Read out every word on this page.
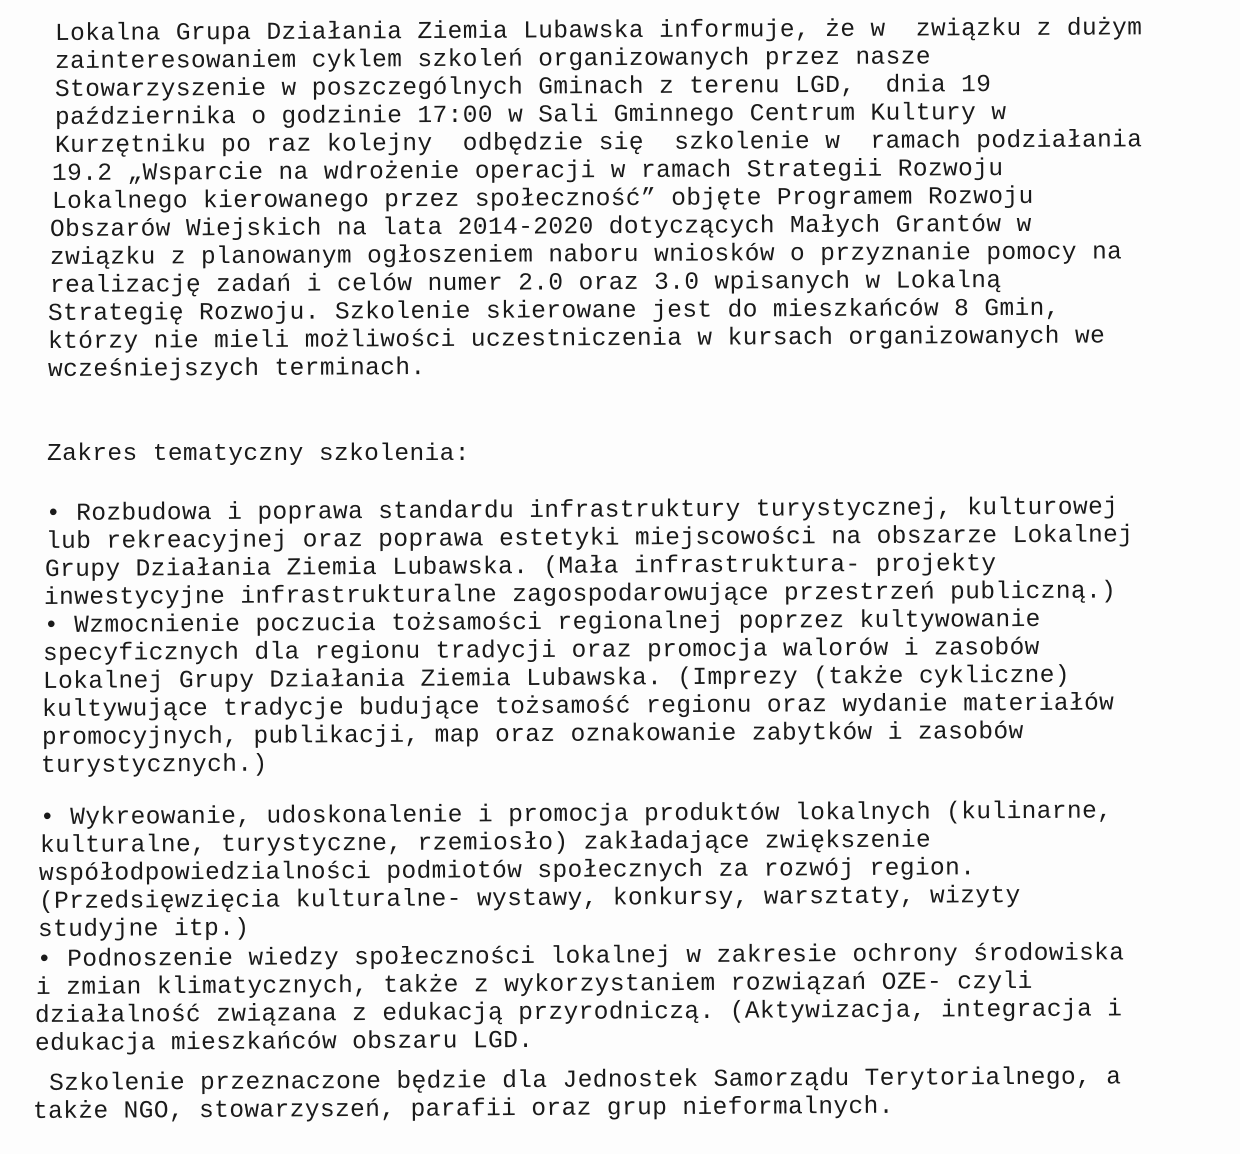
Lokalna Grupa Działania Ziemia Lubawska informuje, że w  związku z dużym
zainteresowaniem cyklem szkoleń organizowanych przez nasze
Stowarzyszenie w poszczególnych Gminach z terenu LGD,  dnia 19
października o godzinie 17:00 w Sali Gminnego Centrum Kultury w
Kurzętniku po raz kolejny  odbędzie się  szkolenie w  ramach podziałania
19.2 „Wsparcie na wdrożenie operacji w ramach Strategii Rozwoju
Lokalnego kierowanego przez społeczność” objęte Programem Rozwoju
Obszarów Wiejskich na lata 2014-2020 dotyczących Małych Grantów w
związku z planowanym ogłoszeniem naboru wniosków o przyznanie pomocy na
realizację zadań i celów numer 2.0 oraz 3.0 wpisanych w Lokalną
Strategię Rozwoju. Szkolenie skierowane jest do mieszkańców 8 Gmin,
którzy nie mieli możliwości uczestniczenia w kursach organizowanych we
wcześniejszych terminach.
Zakres tematyczny szkolenia:
• Rozbudowa i poprawa standardu infrastruktury turystycznej, kulturowej
lub rekreacyjnej oraz poprawa estetyki miejscowości na obszarze Lokalnej
Grupy Działania Ziemia Lubawska. (Mała infrastruktura- projekty
inwestycyjne infrastrukturalne zagospodarowujące przestrzeń publiczną.)
• Wzmocnienie poczucia tożsamości regionalnej poprzez kultywowanie
specyficznych dla regionu tradycji oraz promocja walorów i zasobów
Lokalnej Grupy Działania Ziemia Lubawska. (Imprezy (także cykliczne)
kultywujące tradycje budujące tożsamość regionu oraz wydanie materiałów
promocyjnych, publikacji, map oraz oznakowanie zabytków i zasobów
turystycznych.)
• Wykreowanie, udoskonalenie i promocja produktów lokalnych (kulinarne,
kulturalne, turystyczne, rzemiosło) zakładające zwiększenie
współodpowiedzialności podmiotów społecznych za rozwój region.
(Przedsięwzięcia kulturalne- wystawy, konkursy, warsztaty, wizyty
studyjne itp.)
• Podnoszenie wiedzy społeczności lokalnej w zakresie ochrony środowiska
i zmian klimatycznych, także z wykorzystaniem rozwiązań OZE- czyli
działalność związana z edukacją przyrodniczą. (Aktywizacja, integracja i
edukacja mieszkańców obszaru LGD.
Szkolenie przeznaczone będzie dla Jednostek Samorządu Terytorialnego, a
także NGO, stowarzyszeń, parafii oraz grup nieformalnych.
